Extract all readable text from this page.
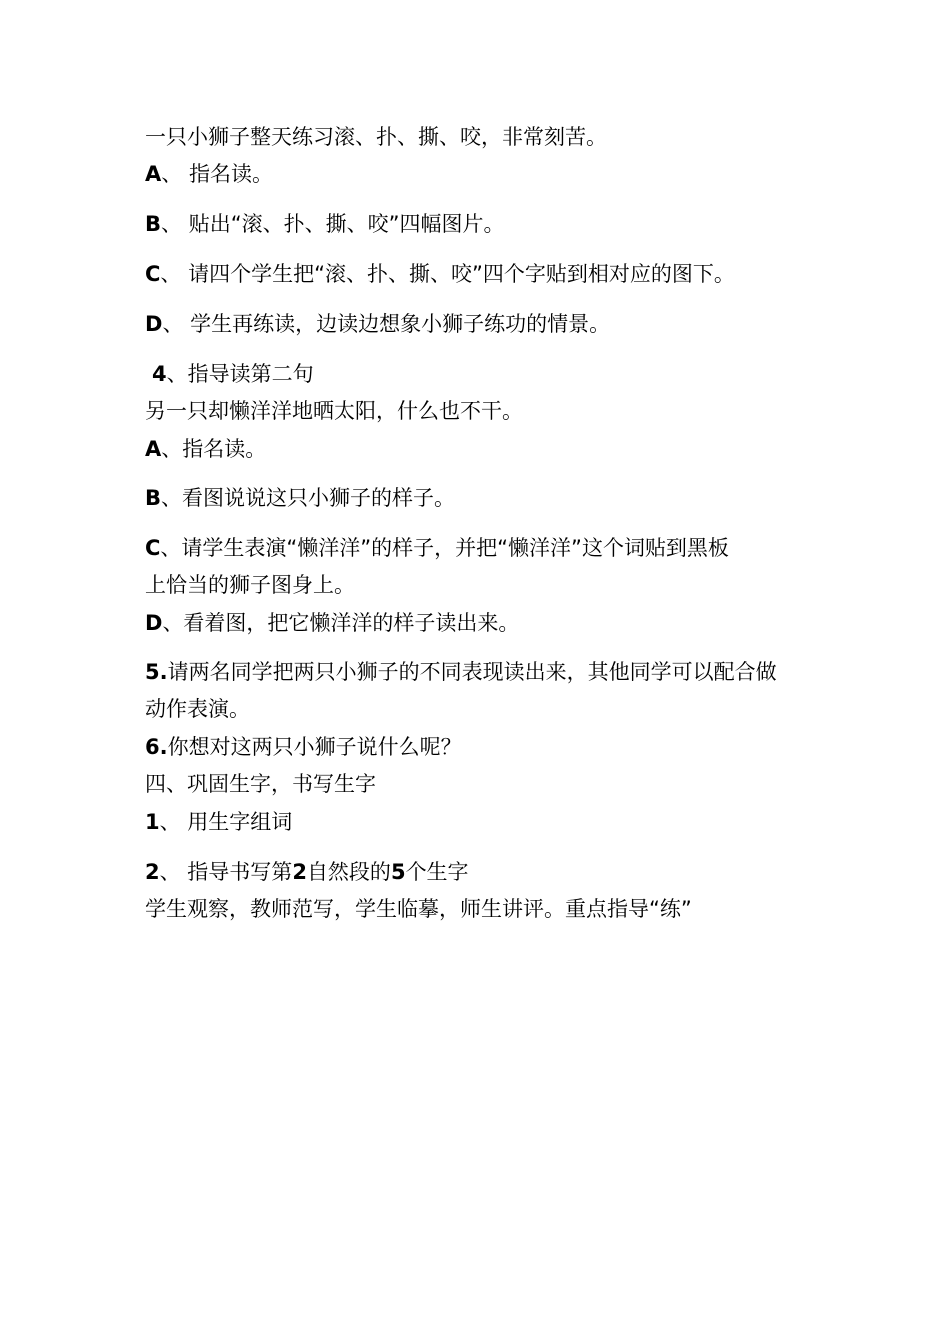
一只小狮子整天练习滚、扑、撕、咬，非常刻苦。

A、 指名读。

B、 贴出“滚、扑、撕、咬”四幅图片。

C、 请四个学生把“滚、扑、撕、咬”四个字贴到相对应的图下。

D、 学生再练读，边读边想象小狮子练功的情景。

4、指导读第二句

另一只却懒洋洋地晒太阳，什么也不干。

A、指名读。

B、看图说说这只小狮子的样子。

C、请学生表演“懒洋洋”的样子，并把“懒洋洋”这个词贴到黑板

上恰当的狮子图身上。

D、看着图，把它懒洋洋的样子读出来。

5.请两名同学把两只小狮子的不同表现读出来，其他同学可以配合做

动作表演。

6.你想对这两只小狮子说什么呢？

四、巩固生字，书写生字

1、 用生字组词

2、 指导书写第2自然段的5个生字

学生观察，教师范写，学生临摹，师生讲评。重点指导“练”
